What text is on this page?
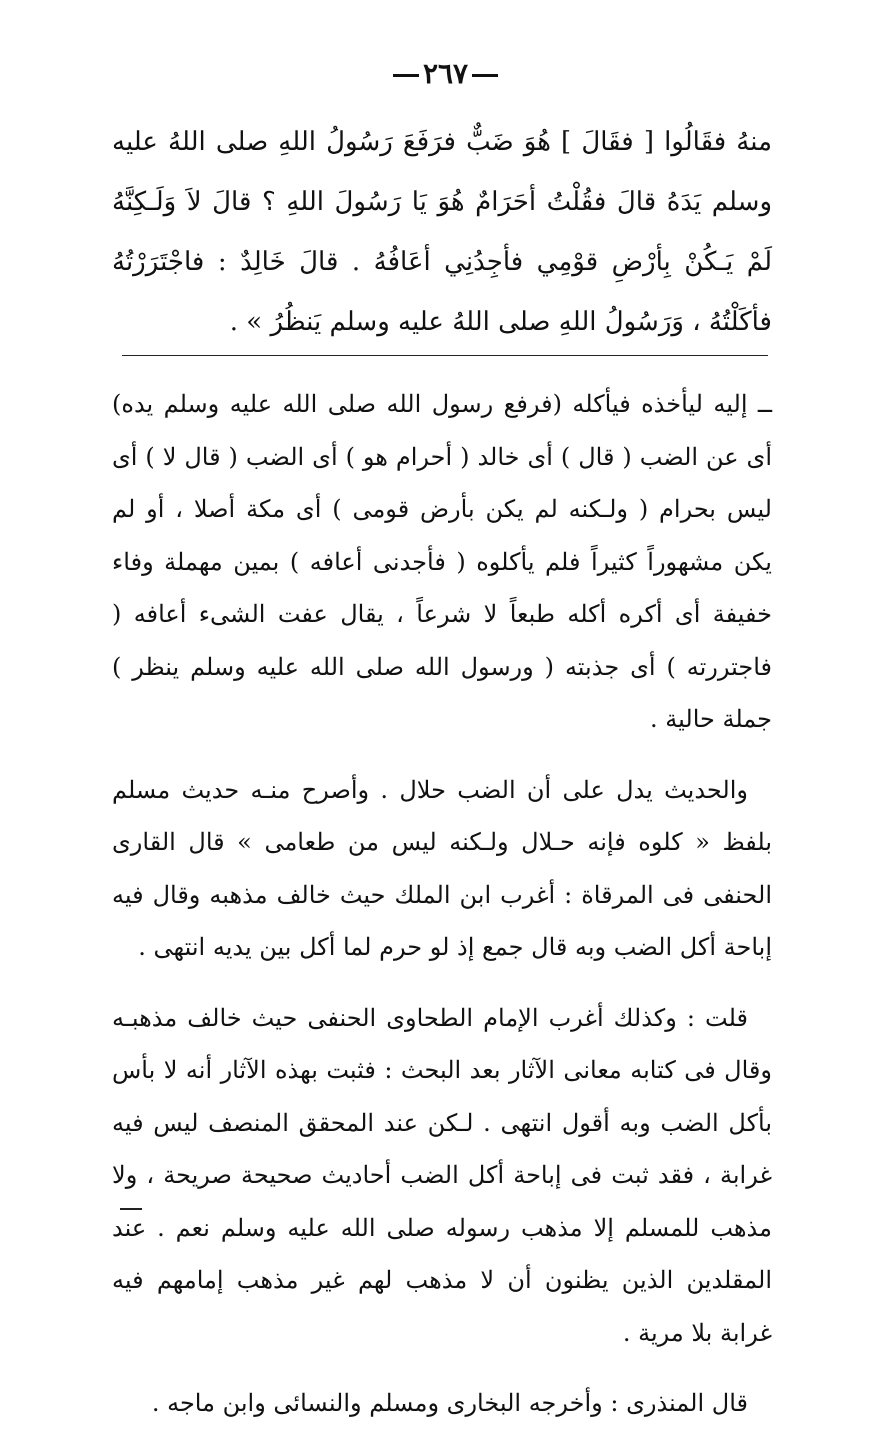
٢٦٧

منهُ فقَالُوا [ فقَالَ ] هُوَ ضَبٌّ فرَفَعَ رَسُولُ اللهِ صلى اللهُ عليه وسلم يَدَهُ قالَ فقُلْتُ أحَرَامٌ هُوَ يَا رَسُولَ اللهِ ؟ قالَ لاَ وَلَـكِنَّهُ لَمْ يَـكُنْ بِأرْضِ قوْمِي فأجِدُنِي أعَافُهُ . قالَ خَالِدٌ : فاجْتَرَرْتُهُ فأكَلْتُهُ ، وَرَسُولُ اللهِ صلى اللهُ عليه وسلم يَنظُرُ » .

ــ إليه ليأخذه فيأكله (فرفع رسول الله صلى الله عليه وسلم يده) أى عن الضب ( قال ) أى خالد ( أحرام هو ) أى الضب ( قال لا ) أى ليس بحرام ( ولـكنه لم يكن بأرض قومى ) أى مكة أصلا ، أو لم يكن مشهوراً كثيراً فلم يأكلوه ( فأجدنى أعافه ) بمين مهملة وفاء خفيفة أى أكره أكله طبعاً لا شرعاً ، يقال عفت الشىء أعافه ( فاجتررته ) أى جذبته ( ورسول الله صلى الله عليه وسلم ينظر ) جملة حالية .

والحديث يدل على أن الضب حلال . وأصرح منـه حديث مسلم بلفظ « كلوه فإنه حـلال ولـكنه ليس من طعامى » قال القارى الحنفى فى المرقاة : أغرب ابن الملك حيث خالف مذهبه وقال فيه إباحة أكل الضب وبه قال جمع إذ لو حرم لما أكل بين يديه انتهى .

قلت : وكذلك أغرب الإمام الطحاوى الحنفى حيث خالف مذهبـه وقال فى كتابه معانى الآثار بعد البحث : فثبت بهذه الآثار أنه لا بأس بأكل الضب وبه أقول انتهى . لـكن عند المحقق المنصف ليس فيه غرابة ، فقد ثبت فى إباحة أكل الضب أحاديث صحيحة صريحة ، ولا مذهب للمسلم إلا مذهب رسوله صلى الله عليه وسلم نعم . عند المقلدين الذين يظنون أن لا مذهب لهم غير مذهب إمامهم فيه غرابة بلا مرية .

قال المنذرى : وأخرجه البخارى ومسلم والنسائى وابن ماجه .
